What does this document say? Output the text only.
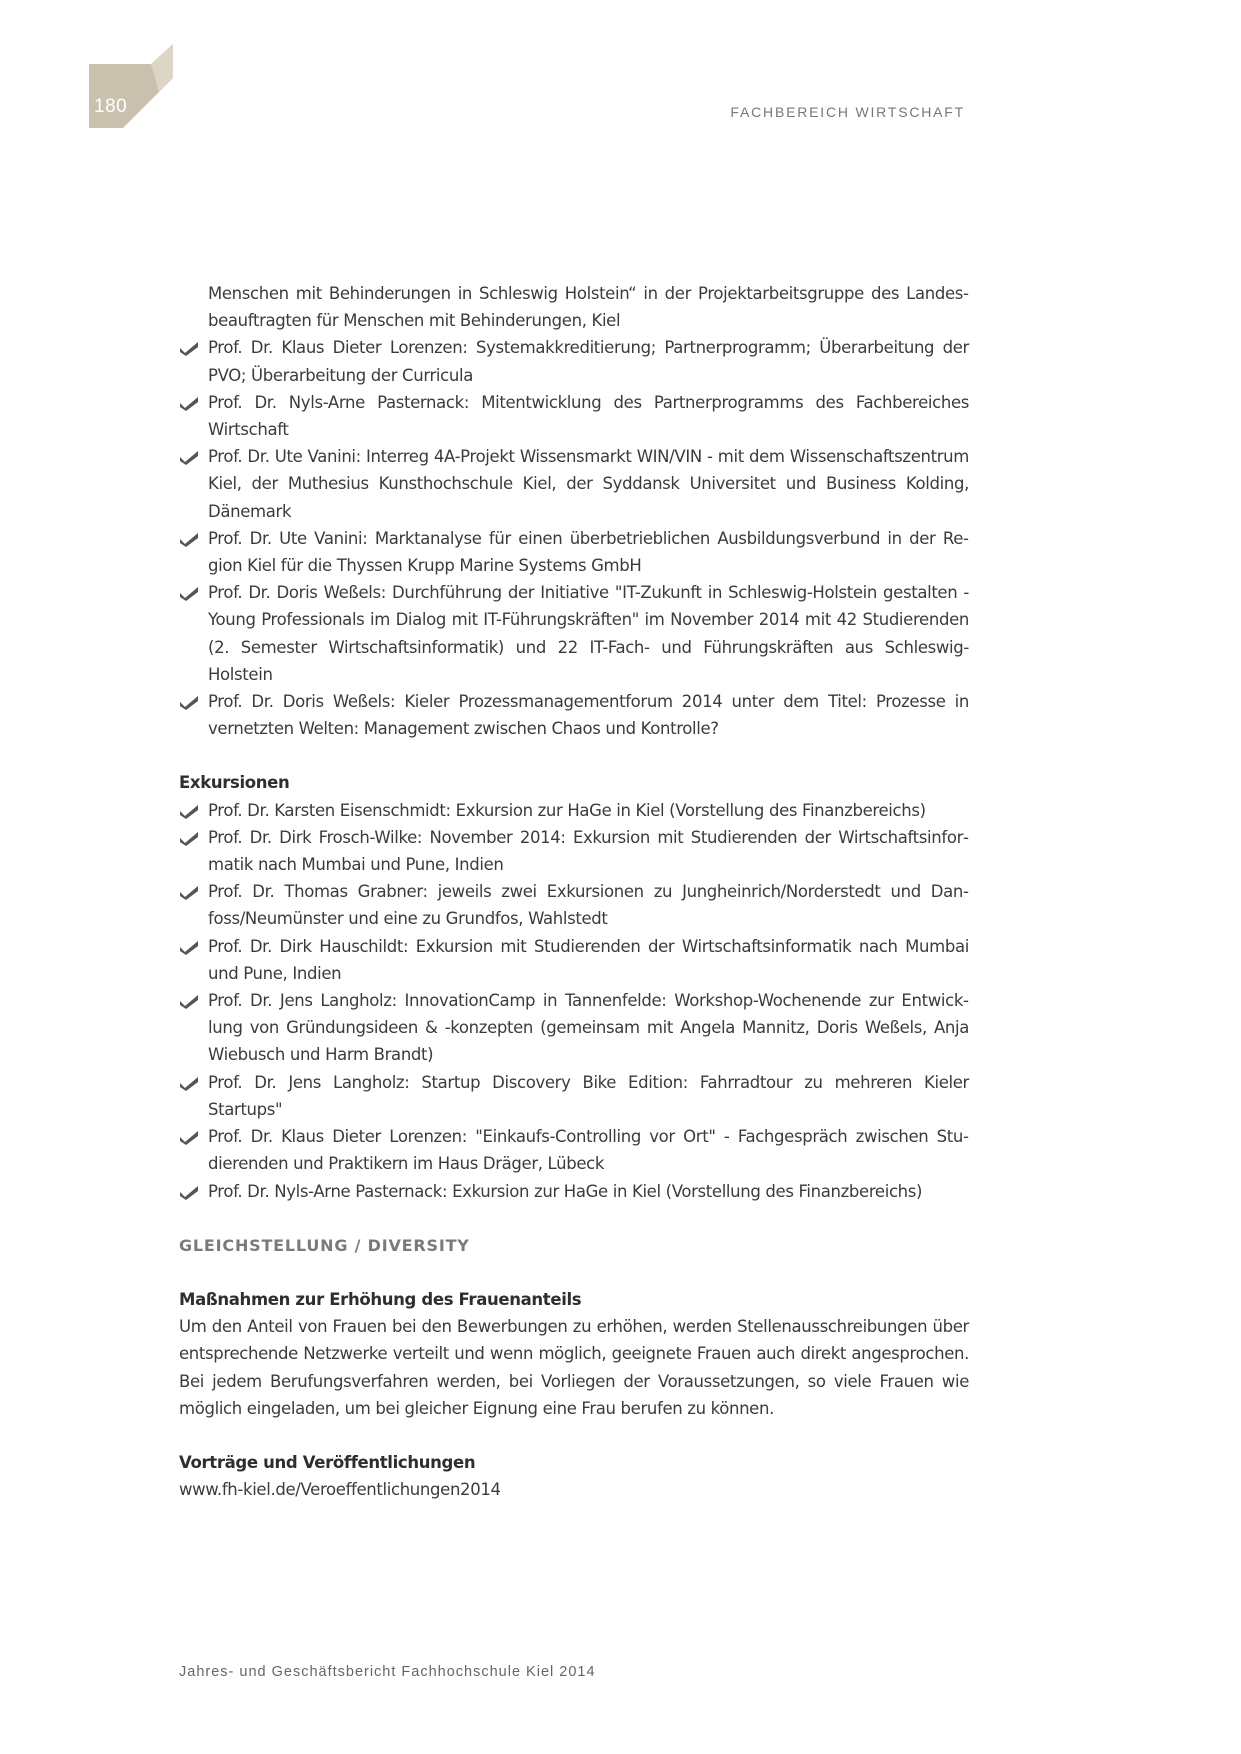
180	FACHBEREICH WIRTSCHAFT
Menschen mit Behinderungen in Schleswig Holstein“ in der Projektarbeitsgruppe des Landesbeauftragten für Menschen mit Behinderungen, Kiel
Prof. Dr. Klaus Dieter Lorenzen: Systemakkreditierung; Partnerprogramm; Überarbeitung der PVO; Überarbeitung der Curricula
Prof. Dr. Nyls-Arne Pasternack: Mitentwicklung des Partnerprogramms des Fachbereiches Wirtschaft
Prof. Dr. Ute Vanini: Interreg 4A-Projekt Wissensmarkt WIN/VIN - mit dem Wissenschaftszentrum Kiel, der Muthesius Kunsthochschule Kiel, der Syddansk Universitet und Business Kolding, Dänemark
Prof. Dr. Ute Vanini: Marktanalyse für einen überbetrieblichen Ausbildungsverbund in der Region Kiel für die Thyssen Krupp Marine Systems GmbH
Prof. Dr. Doris Weßels: Durchführung der Initiative "IT-Zukunft in Schleswig-Holstein gestalten - Young Professionals im Dialog mit IT-Führungskräften" im November 2014 mit 42 Studierenden (2. Semester Wirtschaftsinformatik) und 22 IT-Fach- und Führungskräften aus Schleswig-Holstein
Prof. Dr. Doris Weßels: Kieler Prozessmanagementforum 2014 unter dem Titel: Prozesse in vernetzten Welten: Management zwischen Chaos und Kontrolle?
Exkursionen
Prof. Dr. Karsten Eisenschmidt: Exkursion zur HaGe in Kiel (Vorstellung des Finanzbereichs)
Prof. Dr. Dirk Frosch-Wilke: November 2014: Exkursion mit Studierenden der Wirtschaftsinformatik nach Mumbai und Pune, Indien
Prof. Dr. Thomas Grabner: jeweils zwei Exkursionen zu Jungheinrich/Norderstedt und Danfoss/Neumünster und eine zu Grundfos, Wahlstedt
Prof. Dr. Dirk Hauschildt: Exkursion mit Studierenden der Wirtschaftsinformatik nach Mumbai und Pune, Indien
Prof. Dr. Jens Langholz: InnovationCamp in Tannenfelde: Workshop-Wochenende zur Entwicklung von Gründungsideen & -konzepten (gemeinsam mit Angela Mannitz, Doris Weßels, Anja Wiebusch und Harm Brandt)
Prof. Dr. Jens Langholz: Startup Discovery Bike Edition: Fahrradtour zu mehreren Kieler Startups"
Prof. Dr. Klaus Dieter Lorenzen: "Einkaufs-Controlling vor Ort" - Fachgespräch zwischen Studierenden und Praktikern im Haus Dräger, Lübeck
Prof. Dr. Nyls-Arne Pasternack: Exkursion zur HaGe in Kiel (Vorstellung des Finanzbereichs)
GLEICHSTELLUNG / DIVERSITY
Maßnahmen zur Erhöhung des Frauenanteils
Um den Anteil von Frauen bei den Bewerbungen zu erhöhen, werden Stellenausschreibungen über entsprechende Netzwerke verteilt und wenn möglich, geeignete Frauen auch direkt angesprochen. Bei jedem Berufungsverfahren werden, bei Vorliegen der Voraussetzungen, so viele Frauen wie möglich eingeladen, um bei gleicher Eignung eine Frau berufen zu können.
Vorträge und Veröffentlichungen
www.fh-kiel.de/Veroeffentlichungen2014
Jahres- und Geschäftsbericht Fachhochschule Kiel 2014
